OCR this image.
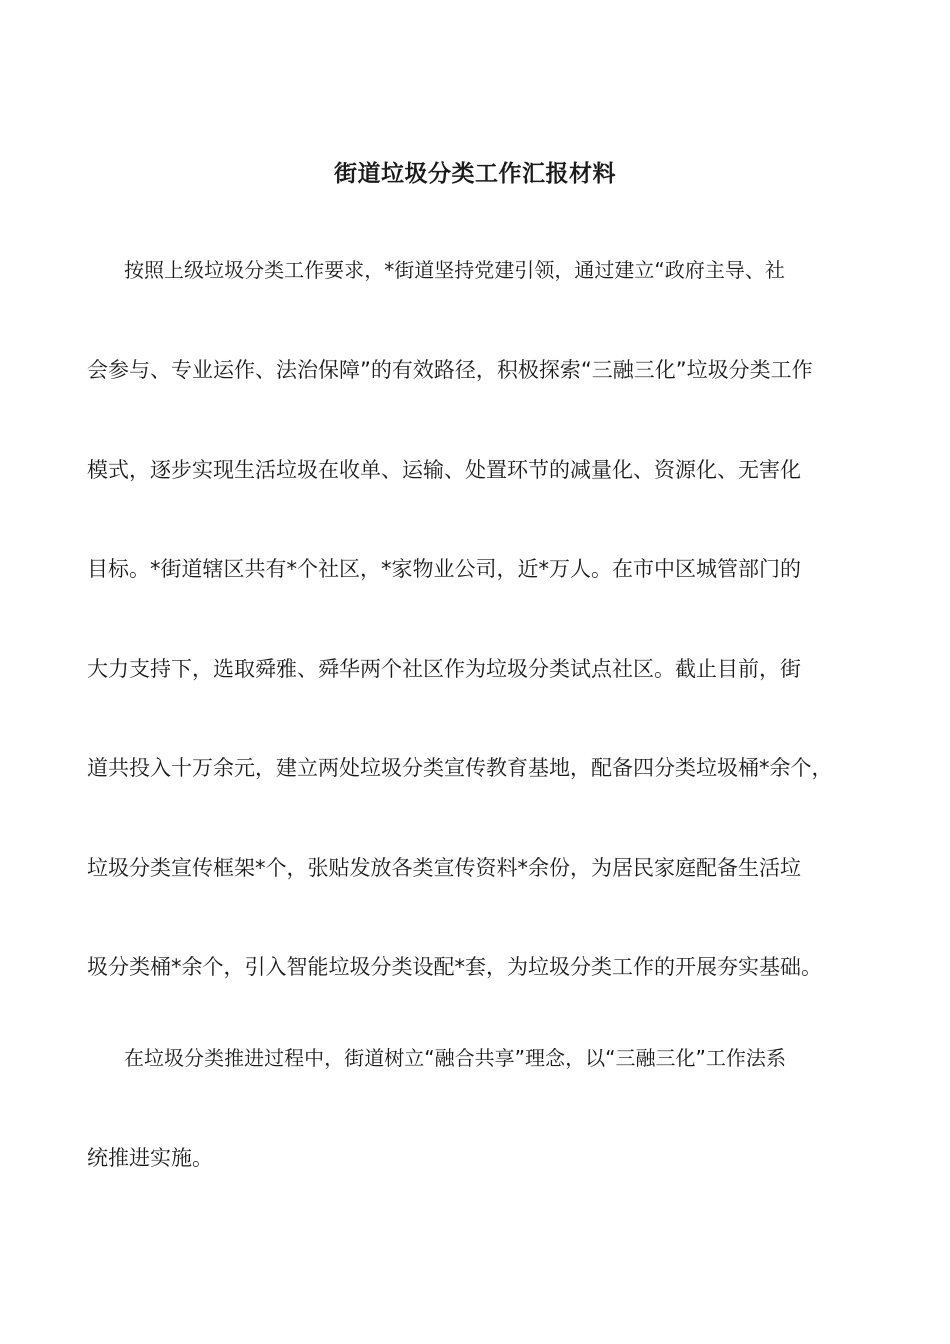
街道垃圾分类工作汇报材料
按照上级垃圾分类工作要求，*街道坚持党建引领，通过建立“政府主导、社
会参与、专业运作、法治保障”的有效路径，积极探索“三融三化”垃圾分类工作
模式，逐步实现生活垃圾在收单、运输、处置环节的减量化、资源化、无害化
目标。*街道辖区共有*个社区，*家物业公司，近*万人。在市中区城管部门的
大力支持下，选取舜雅、舜华两个社区作为垃圾分类试点社区。截止目前，街
道共投入十万余元，建立两处垃圾分类宣传教育基地，配备四分类垃圾桶*余个，
垃圾分类宣传框架*个，张贴发放各类宣传资料*余份，为居民家庭配备生活垃
圾分类桶*余个，引入智能垃圾分类设配*套，为垃圾分类工作的开展夯实基础。
在垃圾分类推进过程中，街道树立“融合共享”理念，以“三融三化”工作法系
统推进实施。
